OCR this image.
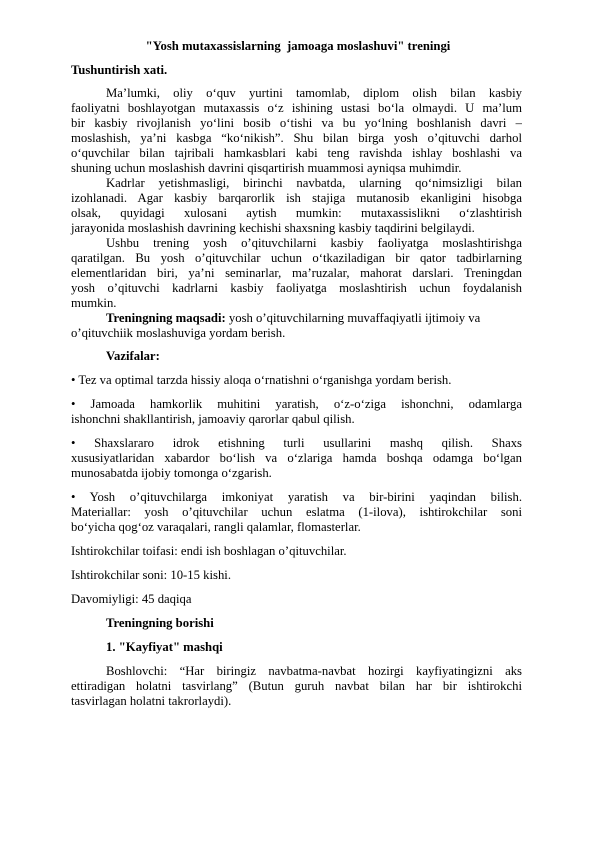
"Yosh mutaxassislarning  jamoaga moslashuvi" treningi
Tushuntirish xati.
Ma’lumki, oliy o‘quv yurtini tamomlab, diplom olish bilan kasbiy
faoliyatni boshlayotgan mutaxassis o‘z ishining ustasi bo‘la olmaydi. U ma’lum
bir kasbiy rivojlanish yo‘lini bosib o‘tishi va bu yo‘lning boshlanish davri –
moslashish, ya’ni kasbga “ko‘nikish”. Shu bilan birga yosh o’qituvchi darhol
o‘quvchilar bilan tajribali hamkasblari kabi teng ravishda ishlay boshlashi va
shuning uchun moslashish davrini qisqartirish muammosi ayniqsa muhimdir.
Kadrlar yetishmasligi, birinchi navbatda, ularning qo‘nimsizligi bilan
izohlanadi. Agar kasbiy barqarorlik ish stajiga mutanosib ekanligini hisobga
olsak, quyidagi xulosani aytish mumkin: mutaxassislikni o‘zlashtirish
jarayonida moslashish davrining kechishi shaxsning kasbiy taqdirini belgilaydi.
Ushbu trening yosh o’qituvchilarni kasbiy faoliyatga moslashtirishga
qaratilgan. Bu yosh o’qituvchilar uchun o‘tkaziladigan bir qator tadbirlarning
elementlaridan biri, ya’ni seminarlar, ma’ruzalar, mahorat darslari. Treningdan
yosh o’qituvchi kadrlarni kasbiy faoliyatga moslashtirish uchun foydalanish
mumkin.
Treningning maqsadi: yosh o’qituvchilarning muvaffaqiyatli ijtimoiy va
o’qituvchiik moslashuviga yordam berish.
Vazifalar:
• Tez va optimal tarzda hissiy aloqa o‘rnatishni o‘rganishga yordam berish.
• Jamoada hamkorlik muhitini yaratish, o‘z-o‘ziga ishonchni, odamlarga
ishonchni shakllantirish, jamoaviy qarorlar qabul qilish.
• Shaxslararo idrok etishning turli usullarini mashq qilish. Shaxs
xususiyatlaridan xabardor bo‘lish va o‘zlariga hamda boshqa odamga bo‘lgan
munosabatda ijobiy tomonga o‘zgarish.
• Yosh o’qituvchilarga imkoniyat yaratish va bir-birini yaqindan bilish.
Materiallar: yosh o’qituvchilar uchun eslatma (1-ilova), ishtirokchilar soni
bo‘yicha qog‘oz varaqalari, rangli qalamlar, flomasterlar.
Ishtirokchilar toifasi: endi ish boshlagan o’qituvchilar.
Ishtirokchilar soni: 10-15 kishi.
Davomiyligi: 45 daqiqa
Treningning borishi
1. "Kayfiyat" mashqi
Boshlovchi: “Har biringiz navbatma-navbat hozirgi kayfiyatingizni aks
ettiradigan holatni tasvirlang” (Butun guruh navbat bilan har bir ishtirokchi
tasvirlagan holatni takrorlaydi).
